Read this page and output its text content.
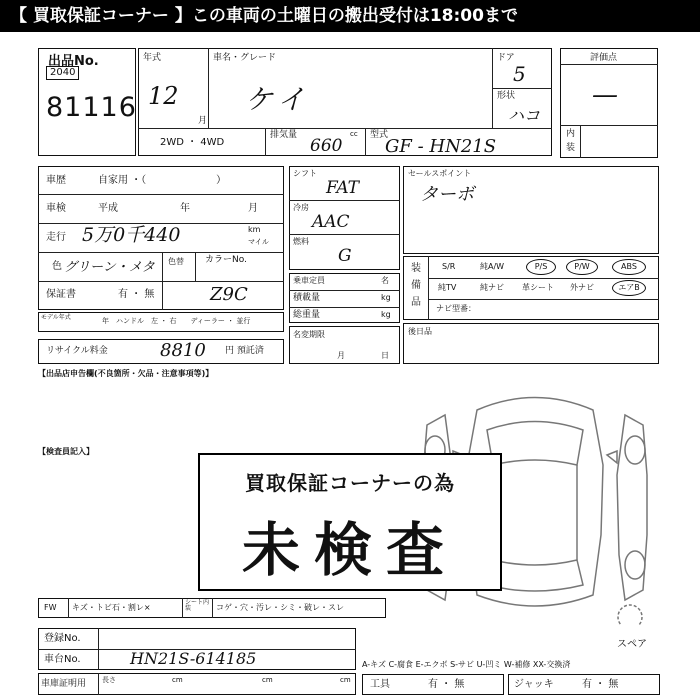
【 買取保証コーナー 】この車両の土曜日の搬出受付は18:00まで
出品No.
2040
81116
年式
12
月
車名・グレード
ケイ
ドア
5
形状
ハコ
2WD ・ 4WD
排気量
660
cc 型式
GF - HN21S
評価点
—
内
装
車歴	自家用 ・（　　　　　　　）
車検	平成	年	月
走行 5万0千440	km
マイル
色 グリーン・メタ 色替 カラーNo.
保証書	有 ・ 無	Z9C
モデル年式	年　ハンドル　左 ・ 右　　ディーラー ・ 並行
リサイクル料金	8810 円 預託済
シフト
FAT
冷房
AAC
燃料
G
乗車定員	名
積載量	kg
総重量	kg
名変期限
月	日
セールスポイント
ターボ
装
備
品
S/R	純A/W	P/S	P/W	ABS
純TV	純ナビ 革シート 外ナビ	エアB
ナビ型番：
後日品
【出品店申告欄(不良箇所・欠品・注意事項等)】
【検査員記入】
スペア
買取保証コーナーの為
未検査
FW キズ・トビ石・割レ×
シート内装	コゲ・穴・汚レ・シミ・破レ・スレ
登録No.
車台No.	HN21S-614185
車庫証明用 長さ	cm	cm	cm
A-キズ C-腐食 E-エクボ S-サビ U-凹ミ W-補修 XX-交換済
工具	有 ・ 無	ジャッキ	有 ・ 無
